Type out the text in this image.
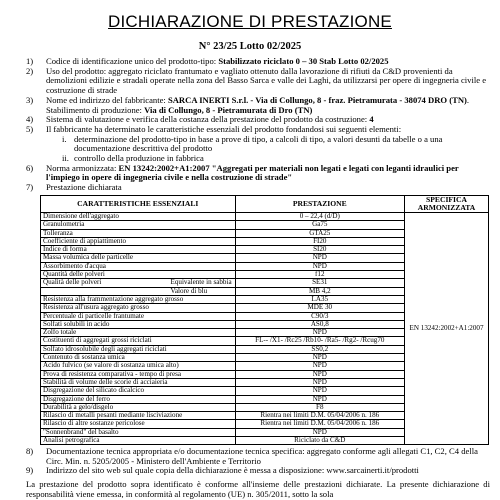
DICHIARAZIONE DI PRESTAZIONE
N° 23/25 Lotto 02/2025
1)	Codice di identificazione unico del prodotto-tipo: Stabilizzato riciclato 0 – 30 Stab Lotto 02/2025
2)	Uso del prodotto: aggregato riciclato frantumato e vagliato ottenuto dalla lavorazione di rifiuti da C&D provenienti da demolizioni edilizie e stradali operate nella zona del Basso Sarca e valle dei Laghi, da utilizzarsi per opere di ingegneria civile e costruzione di strade
3)	Nome ed indirizzo del fabbricante: SARCA INERTI S.r.l. - Via di Collungo, 8 - fraz. Pietramurata - 38074 DRO (TN). Stabilimento di produzione: Via di Collungo, 8 - Pietramurata di Dro (TN)
4)	Sistema di valutazione e verifica della costanza della prestazione del prodotto da costruzione: 4
5)	Il fabbricante ha determinato le caratteristiche essenziali del prodotto fondandosi sui seguenti elementi:
i. determinazione del prodotto-tipo in base a prove di tipo, a calcoli di tipo, a valori desunti da tabelle o a una documentazione descrittiva del prodotto
ii. controllo della produzione in fabbrica
6)	Norma armonizzata: EN 13242:2002+A1:2007 "Aggregati per materiali non legati e legati con leganti idraulici per l'impiego in opere di ingegneria civile e nella costruzione di strade"
7)	Prestazione dichiarata
CARATTERISTICHE ESSENZIALI	PRESTAZIONE	SPECIFICA ARMONIZZATA
Dimensione dell'aggregato	0 – 22,4 (d/D)	EN 13242:2002+A1:2007
Granulometria	Ga75	
Tolleranza	GTA25	
Coefficiente di appiattimento	FI20	
Indice di forma	SI20	
Massa volumica delle particelle	NPD	
Assorbimento d'acqua	NPD	
Quantità delle polveri	f12	

Qualità delle polveri Equivalente in sabbia	SE31	

Valore di blu	MB 4,2	
Resistenza alla frammentazione aggregato grosso	LA35	
Resistenza all'usura aggregato grosso	MDE 30	
Percentuale di particelle frantumate	C90/3	
Solfati solubili in acido	AS0,8	
Zolfo totale	NPD	
Costituenti di aggregati grossi riciclati	FL-- /X1- /Rc25 /Rb10- /Ra5- /Rg2- /Rcug70	
Solfato idrosolubile degli aggregati riciclati	SS0,2	
Contenuto di sostanza umica	NPD	
Acido fulvico (se valore di sostanza umica alto)	NPD	
Prova di resistenza comparativa - tempo di presa	NPD	
Stabilità di volume delle scorie di acciaieria	NPD	
Disgregazione del silicato dicalcico	NPD	
Disgregazione del ferro	NPD	
Durabilità a gelo/disgelo	F8	
Rilascio di metalli pesanti mediante lisciviazione	Rientra nei limiti D.M. 05/04/2006 n. 186	
Rilascio di altre sostanze pericolose	Rientra nei limiti D.M. 05/04/2006 n. 186	
"Sonnenbrand" del basalto	NPD	
Analisi petrografica	Riciclato da C&D	
8)	Documentazione tecnica appropriata e/o documentazione tecnica specifica: aggregato conforme agli allegati C1, C2, C4 della Circ. Min. n. 5205/2005 - Ministero dell'Ambiente e Territorio
9)	Indirizzo del sito web sul quale copia della dichiarazione è messa a disposizione: www.sarcainerti.it/prodotti
La prestazione del prodotto sopra identificato è conforme all'insieme delle prestazioni dichiarate. La presente dichiarazione di responsabilità viene emessa, in conformità al regolamento (UE) n. 305/2011, sotto la sola
